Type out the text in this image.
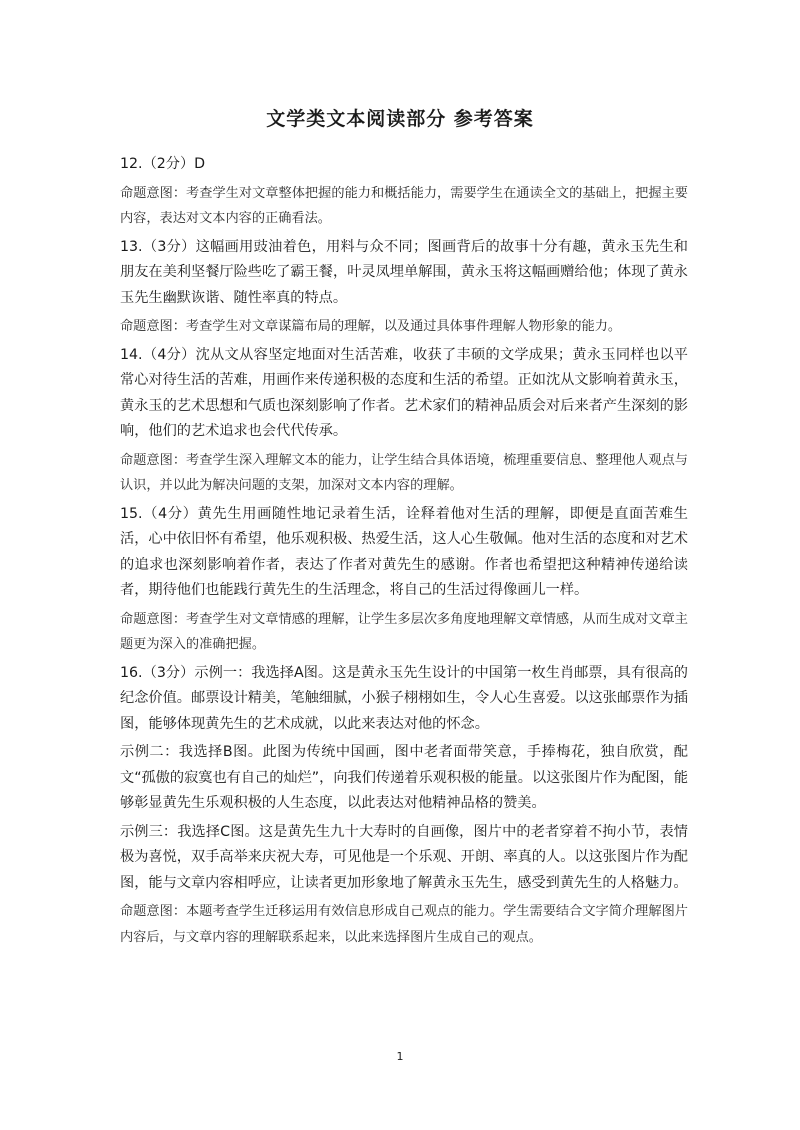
文学类文本阅读部分 参考答案

12.（2分）D

命题意图：考查学生对文章整体把握的能力和概括能力，需要学生在通读全文的基础上，把握主要内容，表达对文本内容的正确看法。

13.（3分）这幅画用豉油着色，用料与众不同；图画背后的故事十分有趣，黄永玉先生和朋友在美利坚餐厅险些吃了霸王餐，叶灵凤埋单解围，黄永玉将这幅画赠给他；体现了黄永玉先生幽默诙谐、随性率真的特点。

命题意图：考查学生对文章谋篇布局的理解，以及通过具体事件理解人物形象的能力。

14.（4分）沈从文从容坚定地面对生活苦难，收获了丰硕的文学成果；黄永玉同样也以平常心对待生活的苦难，用画作来传递积极的态度和生活的希望。正如沈从文影响着黄永玉，黄永玉的艺术思想和气质也深刻影响了作者。艺术家们的精神品质会对后来者产生深刻的影响，他们的艺术追求也会代代传承。

命题意图：考查学生深入理解文本的能力，让学生结合具体语境，梳理重要信息、整理他人观点与认识，并以此为解决问题的支架，加深对文本内容的理解。

15.（4分）黄先生用画随性地记录着生活，诠释着他对生活的理解，即便是直面苦难生活，心中依旧怀有希望，他乐观积极、热爱生活，这人心生敬佩。他对生活的态度和对艺术的追求也深刻影响着作者，表达了作者对黄先生的感谢。作者也希望把这种精神传递给读者，期待他们也能践行黄先生的生活理念，将自己的生活过得像画儿一样。

命题意图：考查学生对文章情感的理解，让学生多层次多角度地理解文章情感，从而生成对文章主题更为深入的准确把握。

16.（3分）示例一：我选择A图。这是黄永玉先生设计的中国第一枚生肖邮票，具有很高的纪念价值。邮票设计精美，笔触细腻，小猴子栩栩如生，令人心生喜爱。以这张邮票作为插图，能够体现黄先生的艺术成就，以此来表达对他的怀念。

示例二：我选择B图。此图为传统中国画，图中老者面带笑意，手捧梅花，独自欣赏，配文“孤傲的寂寞也有自己的灿烂”，向我们传递着乐观积极的能量。以这张图片作为配图，能够彰显黄先生乐观积极的人生态度，以此表达对他精神品格的赞美。

示例三：我选择C图。这是黄先生九十大寿时的自画像，图片中的老者穿着不拘小节，表情极为喜悦，双手高举来庆祝大寿，可见他是一个乐观、开朗、率真的人。以这张图片作为配图，能与文章内容相呼应，让读者更加形象地了解黄永玉先生，感受到黄先生的人格魅力。

命题意图：本题考查学生迁移运用有效信息形成自己观点的能力。学生需要结合文字简介理解图片内容后，与文章内容的理解联系起来，以此来选择图片生成自己的观点。

1
